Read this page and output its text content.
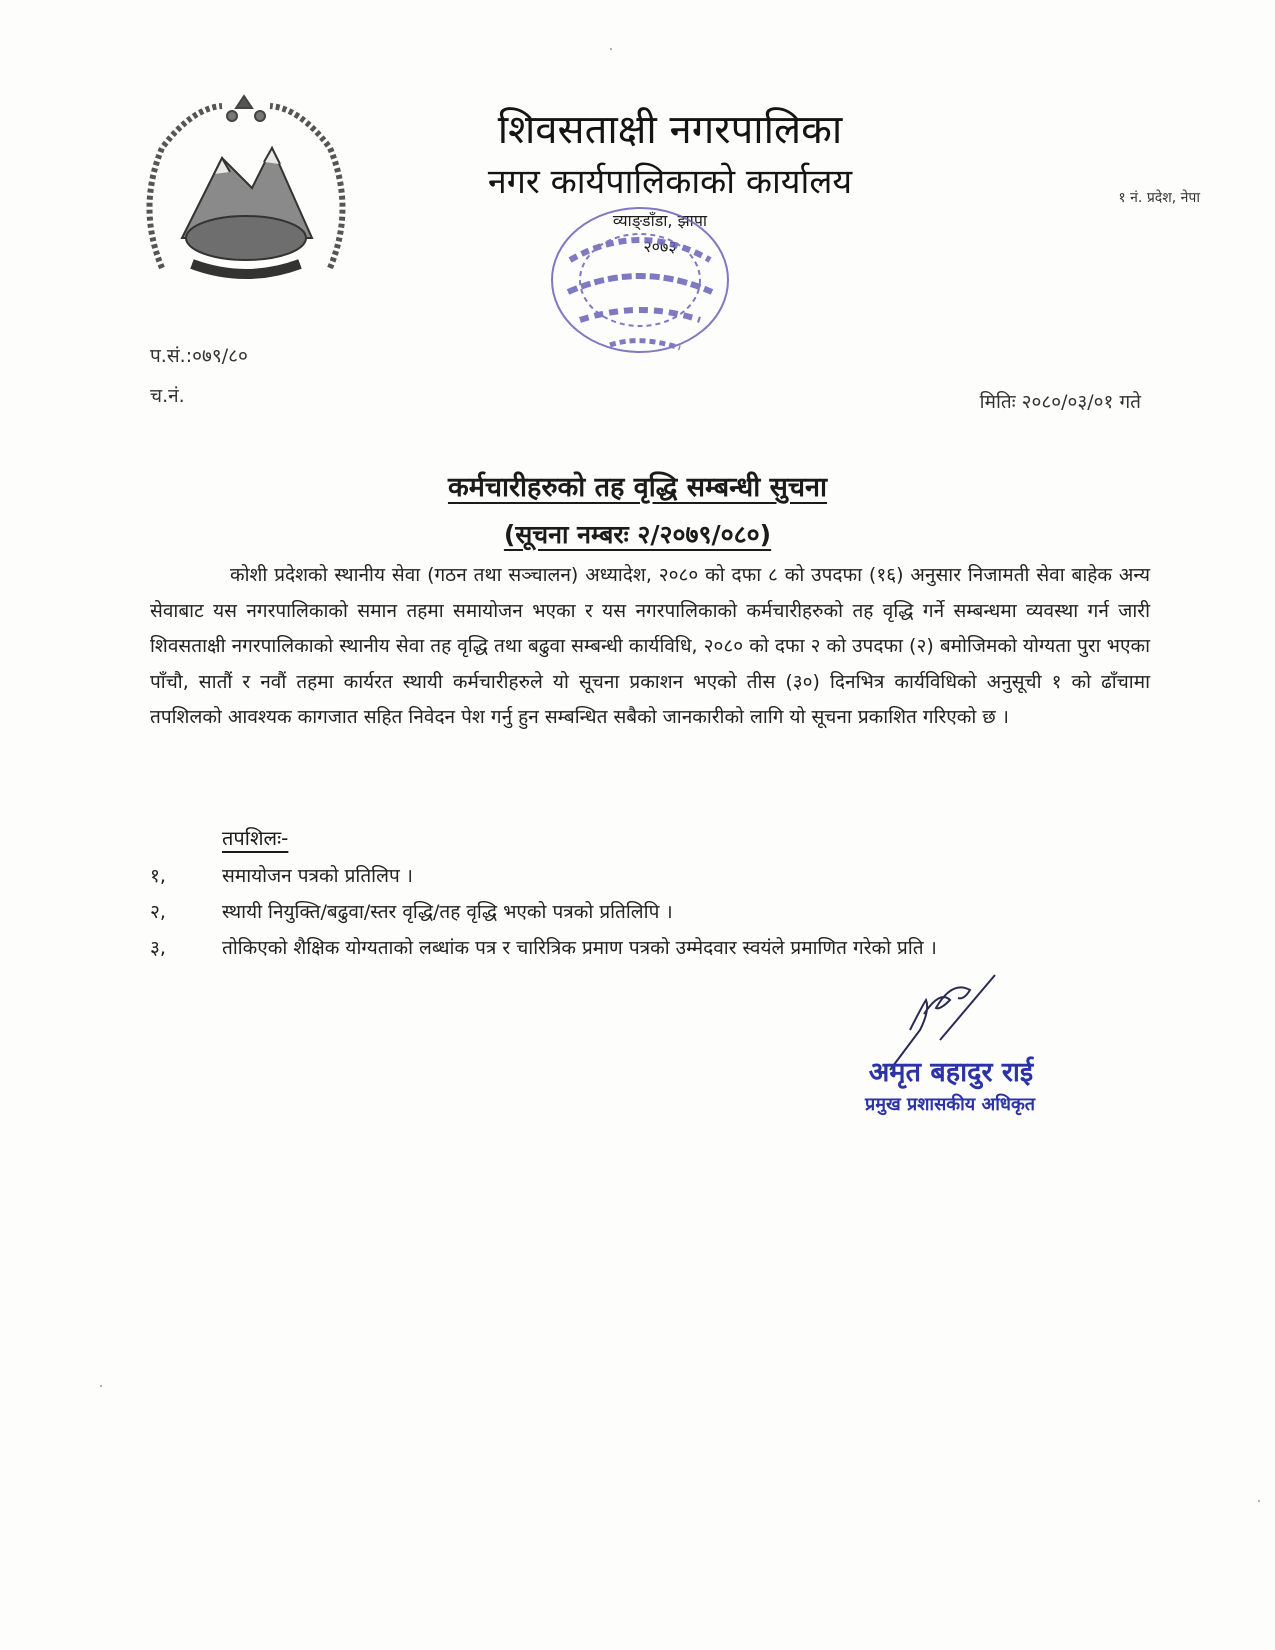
शिवसताक्षी नगरपालिका
नगर कार्यपालिकाको कार्यालय
व्याङ्डाँडा, झापा
२०७३
१ नं. प्रदेश, नेपा
प.सं.:०७९/८०
च.नं.	मितिः २०८०/०३/०१ गते
कर्मचारीहरुको तह वृद्धि सम्बन्धी सुचना
(सूचना नम्बरः २/२०७९/०८०)
कोशी प्रदेशको स्थानीय सेवा (गठन तथा सञ्चालन) अध्यादेश, २०८० को दफा ८ को उपदफा (१६) अनुसार निजामती सेवा बाहेक अन्य सेवाबाट यस नगरपालिकाको समान तहमा समायोजन भएका र यस नगरपालिकाको कर्मचारीहरुको तह वृद्धि गर्ने सम्बन्धमा व्यवस्था गर्न जारी शिवसताक्षी नगरपालिकाको स्थानीय सेवा तह वृद्धि तथा बढुवा सम्बन्धी कार्यविधि, २०८० को दफा २ को उपदफा (२) बमोजिमको योग्यता पुरा भएका पाँचौ, सातौं र नवौं तहमा कार्यरत स्थायी कर्मचारीहरुले यो सूचना प्रकाशन भएको तीस (३०) दिनभित्र कार्यविधिको अनुसूची १ को ढाँचामा तपशिलको आवश्यक कागजात सहित निवेदन पेश गर्नु हुन सम्बन्धित सबैको जानकारीको लागि यो सूचना प्रकाशित गरिएको छ ।
तपशिलः-
१,	समायोजन पत्रको प्रतिलिप ।
२,	स्थायी नियुक्ति/बढुवा/स्तर वृद्धि/तह वृद्धि भएको पत्रको प्रतिलिपि ।
३,	तोकिएको शैक्षिक योग्यताको लब्धांक पत्र र चारित्रिक प्रमाण पत्रको उम्मेदवार स्वयंले प्रमाणित गरेको प्रति ।
अमृत बहादुर राई
प्रमुख प्रशासकीय अधिकृत
